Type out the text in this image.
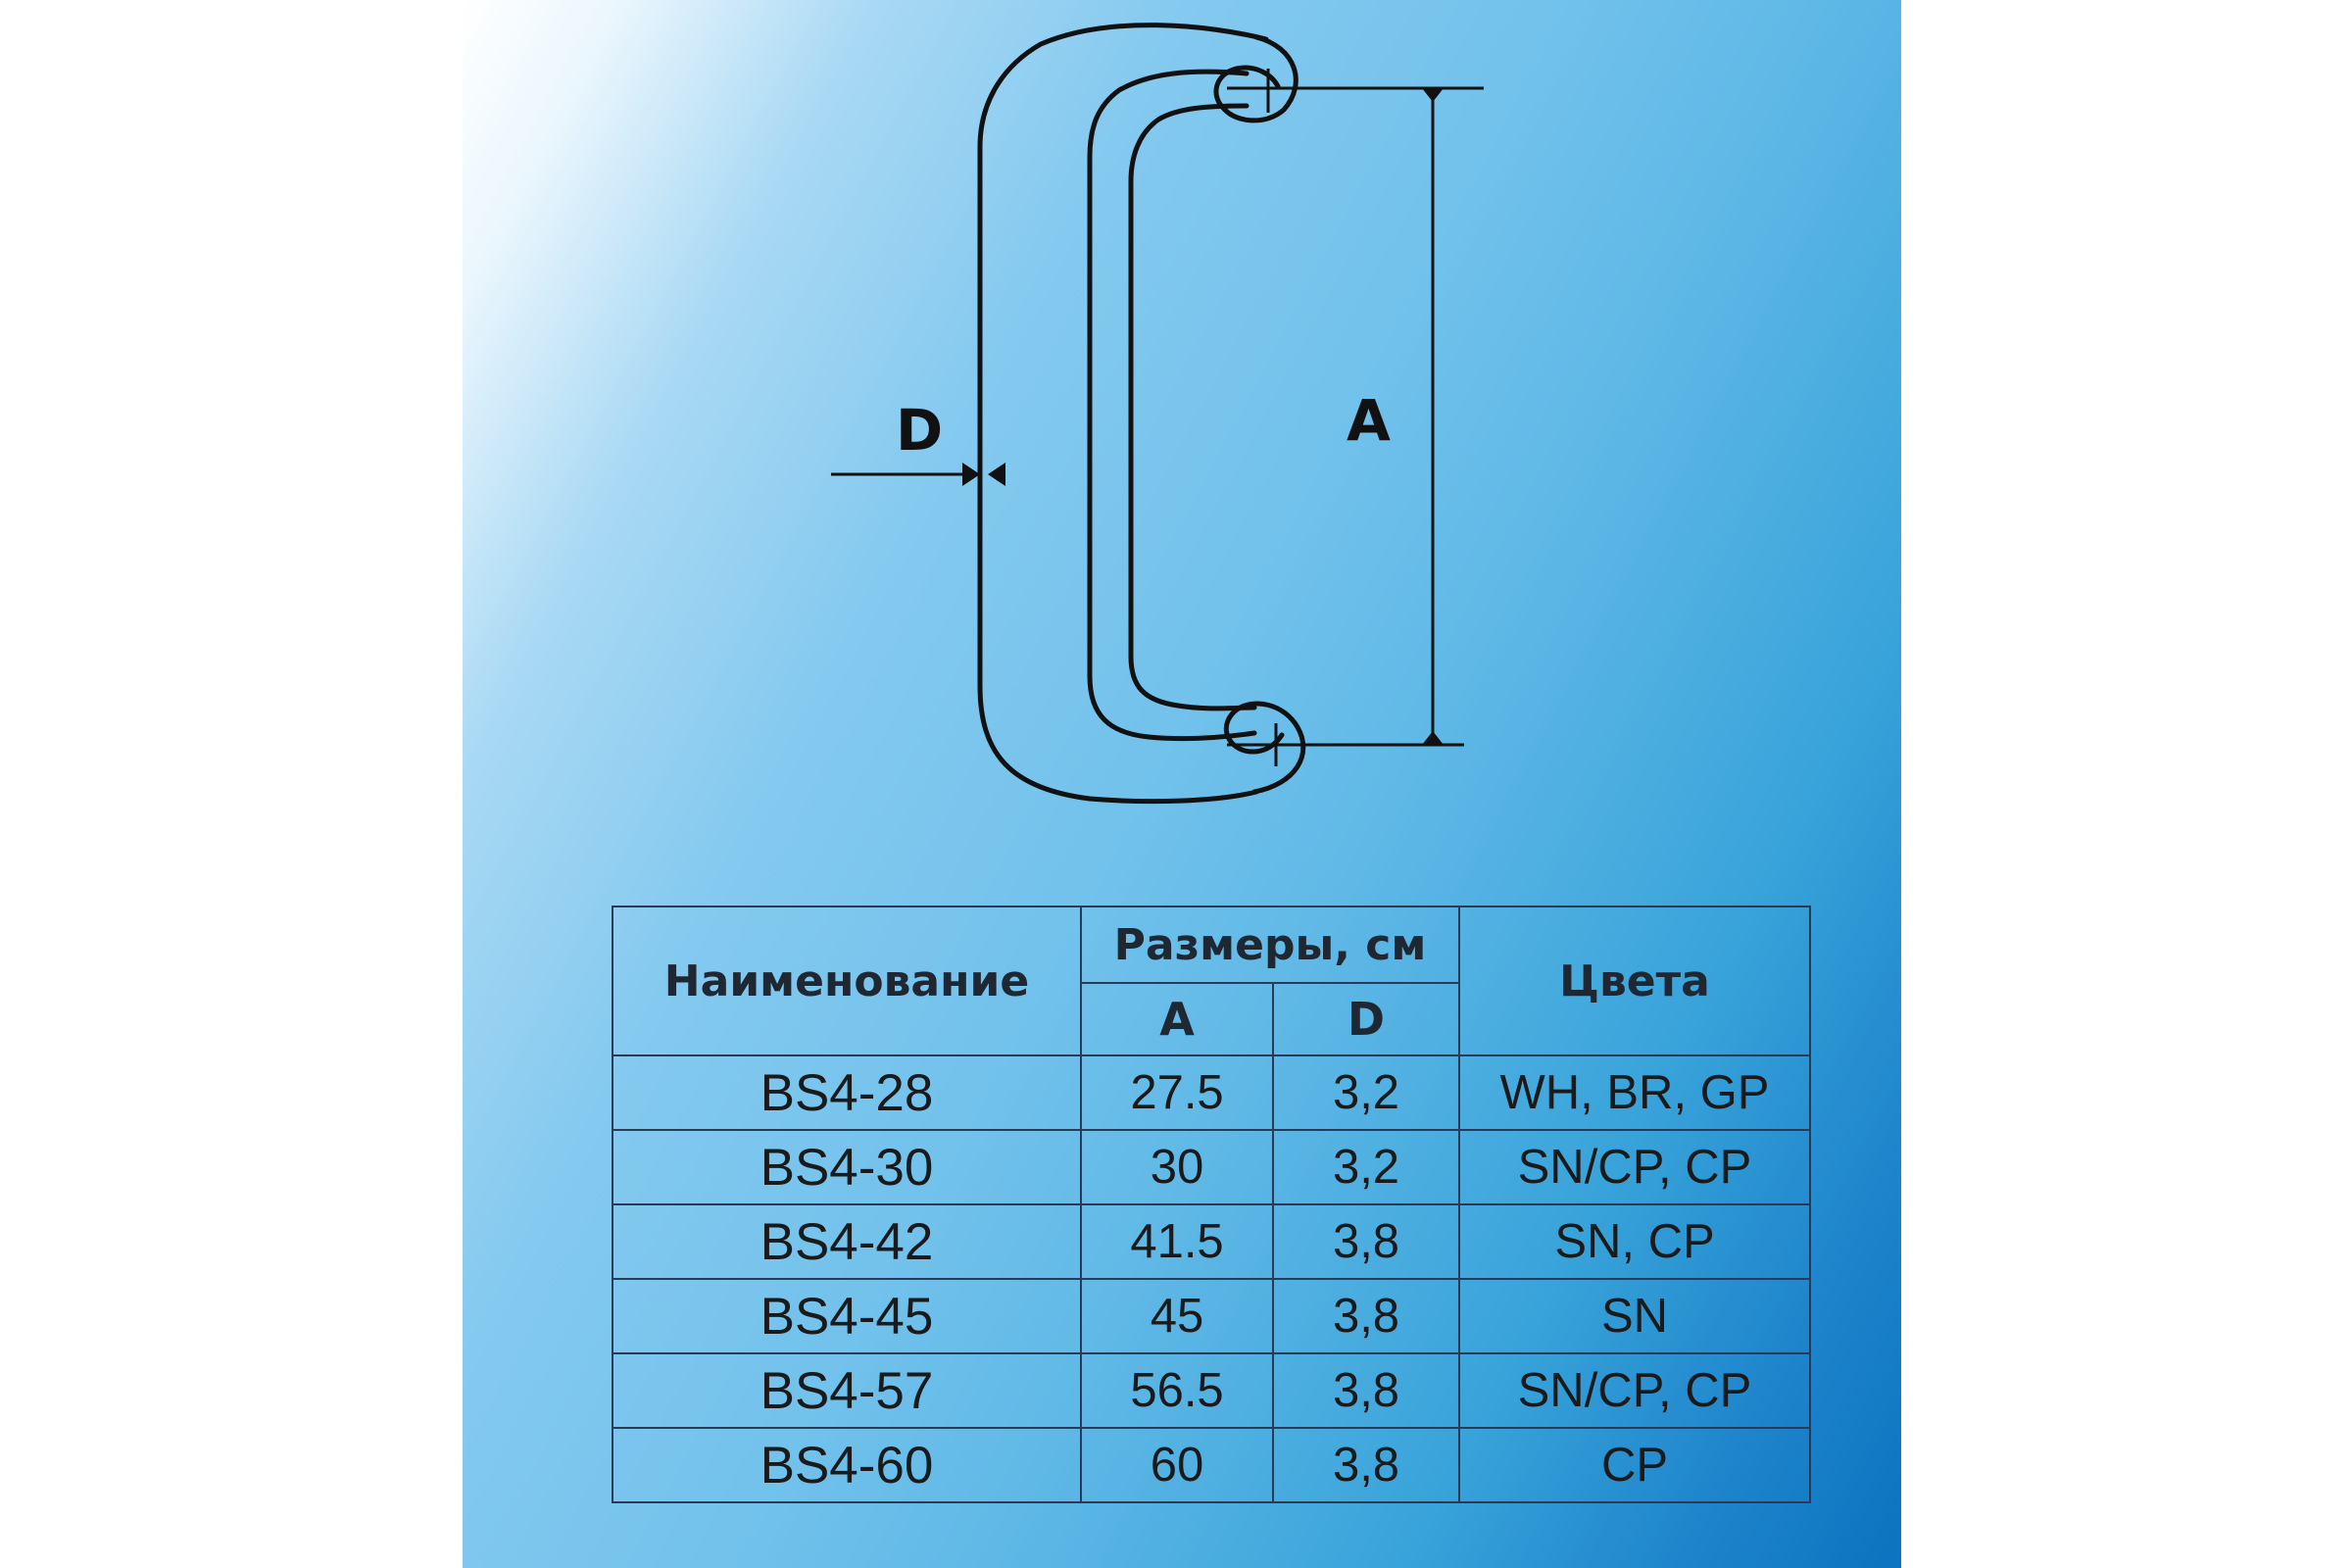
D	A
Наименование	Размеры, см		Цвета
	A	D	
BS4-28	27.5	3,2	WH, BR, GP
BS4-30	30	3,2	SN/CP, CP
BS4-42	41.5	3,8	SN, CP
BS4-45	45	3,8	SN
BS4-57	56.5	3,8	SN/CP, CP
BS4-60	60	3,8	CP
